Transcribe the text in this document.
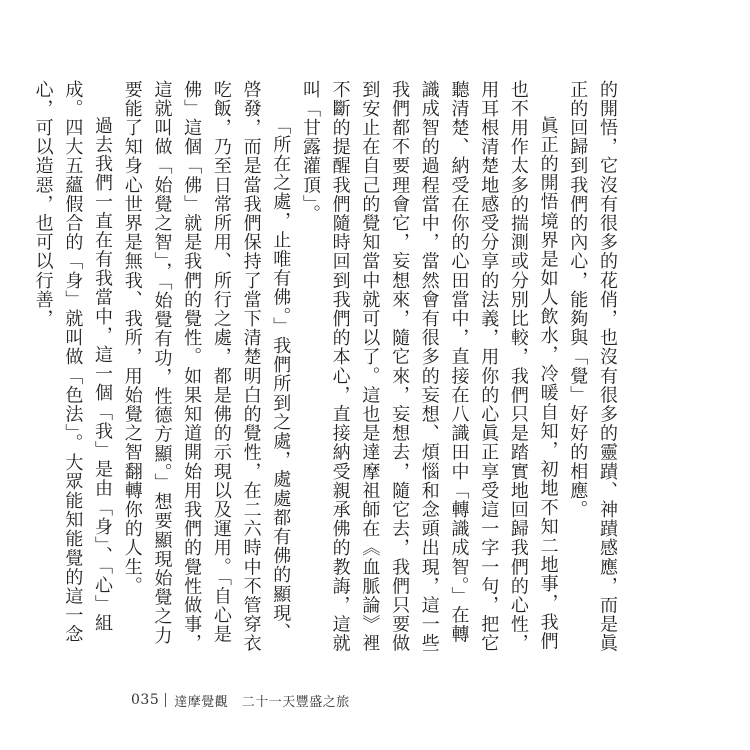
的開悟，它沒有很多的花俏，也沒有很多的靈蹟、神蹟感應，而是眞正的回歸到我們的內心，能夠與「覺」好好的相應。

眞正的開悟境界是如人飲水，冷暖自知，初地不知二地事，我們也不用作太多的揣測或分別比較，我們只是踏實地回歸我們的心性，用耳根清楚地感受分享的法義，用你的心眞正享受這一字一句，把它聽清楚、納受在你的心田當中，直接在八識田中「轉識成智。」在轉識成智的過程當中，當然會有很多的妄想、煩惱和念頭出現，這一些我們都不要理會它，妄想來，隨它來，妄想去，隨它去，我們只要做到安止在自己的覺知當中就可以了。這也是達摩祖師在《血脈論》裡不斷的提醒我們隨時回到我們的本心，直接納受親承佛的教誨，這就叫「甘露灌頂」。

「所在之處，止唯有佛。」我們所到之處，處處都有佛的顯現、啓發，而是當我們保持了當下清楚明白的覺性，在二六時中不管穿衣吃飯，乃至日常所用、所行之處，都是佛的示現以及運用。「自心是佛」這個「佛」就是我們的覺性。如果知道開始用我們的覺性做事，這就叫做「始覺之智」，「始覺有功，性德方顯。」想要顯現始覺之力要能了知身心世界是無我、我所，用始覺之智翻轉你的人生。

過去我們一直在有我當中，這一個「我」是由「身」、「心」組成。四大五蘊假合的「身」就叫做「色法」。大眾能知能覺的這一念心，可以造惡，也可以行善，

035 達摩覺觀　二十一天豐盛之旅
